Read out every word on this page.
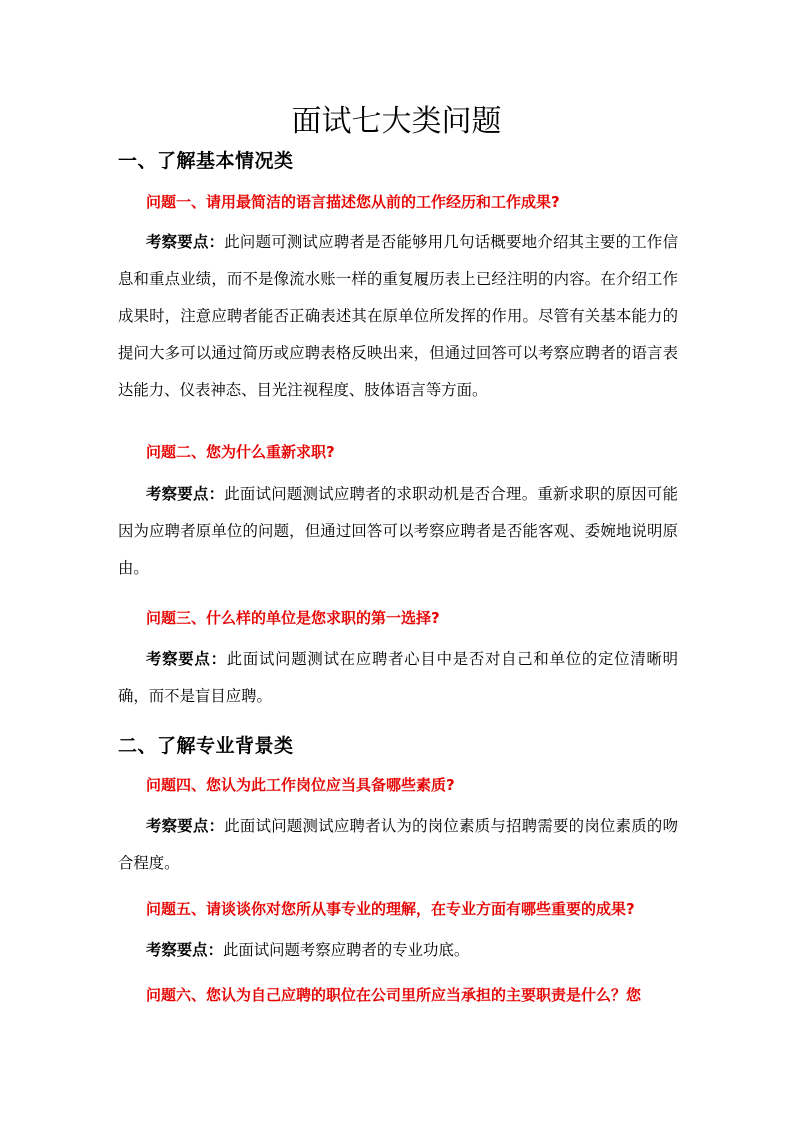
面试七大类问题
一、了解基本情况类
问题一、请用最简洁的语言描述您从前的工作经历和工作成果?
考察要点：此问题可测试应聘者是否能够用几句话概要地介绍其主要的工作信息和重点业绩，而不是像流水账一样的重复履历表上已经注明的内容。在介绍工作成果时，注意应聘者能否正确表述其在原单位所发挥的作用。尽管有关基本能力的提问大多可以通过简历或应聘表格反映出来，但通过回答可以考察应聘者的语言表达能力、仪表神态、目光注视程度、肢体语言等方面。
问题二、您为什么重新求职?
考察要点：此面试问题测试应聘者的求职动机是否合理。重新求职的原因可能因为应聘者原单位的问题，但通过回答可以考察应聘者是否能客观、委婉地说明原由。
问题三、什么样的单位是您求职的第一选择?
考察要点：此面试问题测试在应聘者心目中是否对自己和单位的定位清晰明确，而不是盲目应聘。
二、了解专业背景类
问题四、您认为此工作岗位应当具备哪些素质?
考察要点：此面试问题测试应聘者认为的岗位素质与招聘需要的岗位素质的吻合程度。
问题五、请谈谈你对您所从事专业的理解，在专业方面有哪些重要的成果?
考察要点：此面试问题考察应聘者的专业功底。
问题六、您认为自己应聘的职位在公司里所应当承担的主要职责是什么？您
